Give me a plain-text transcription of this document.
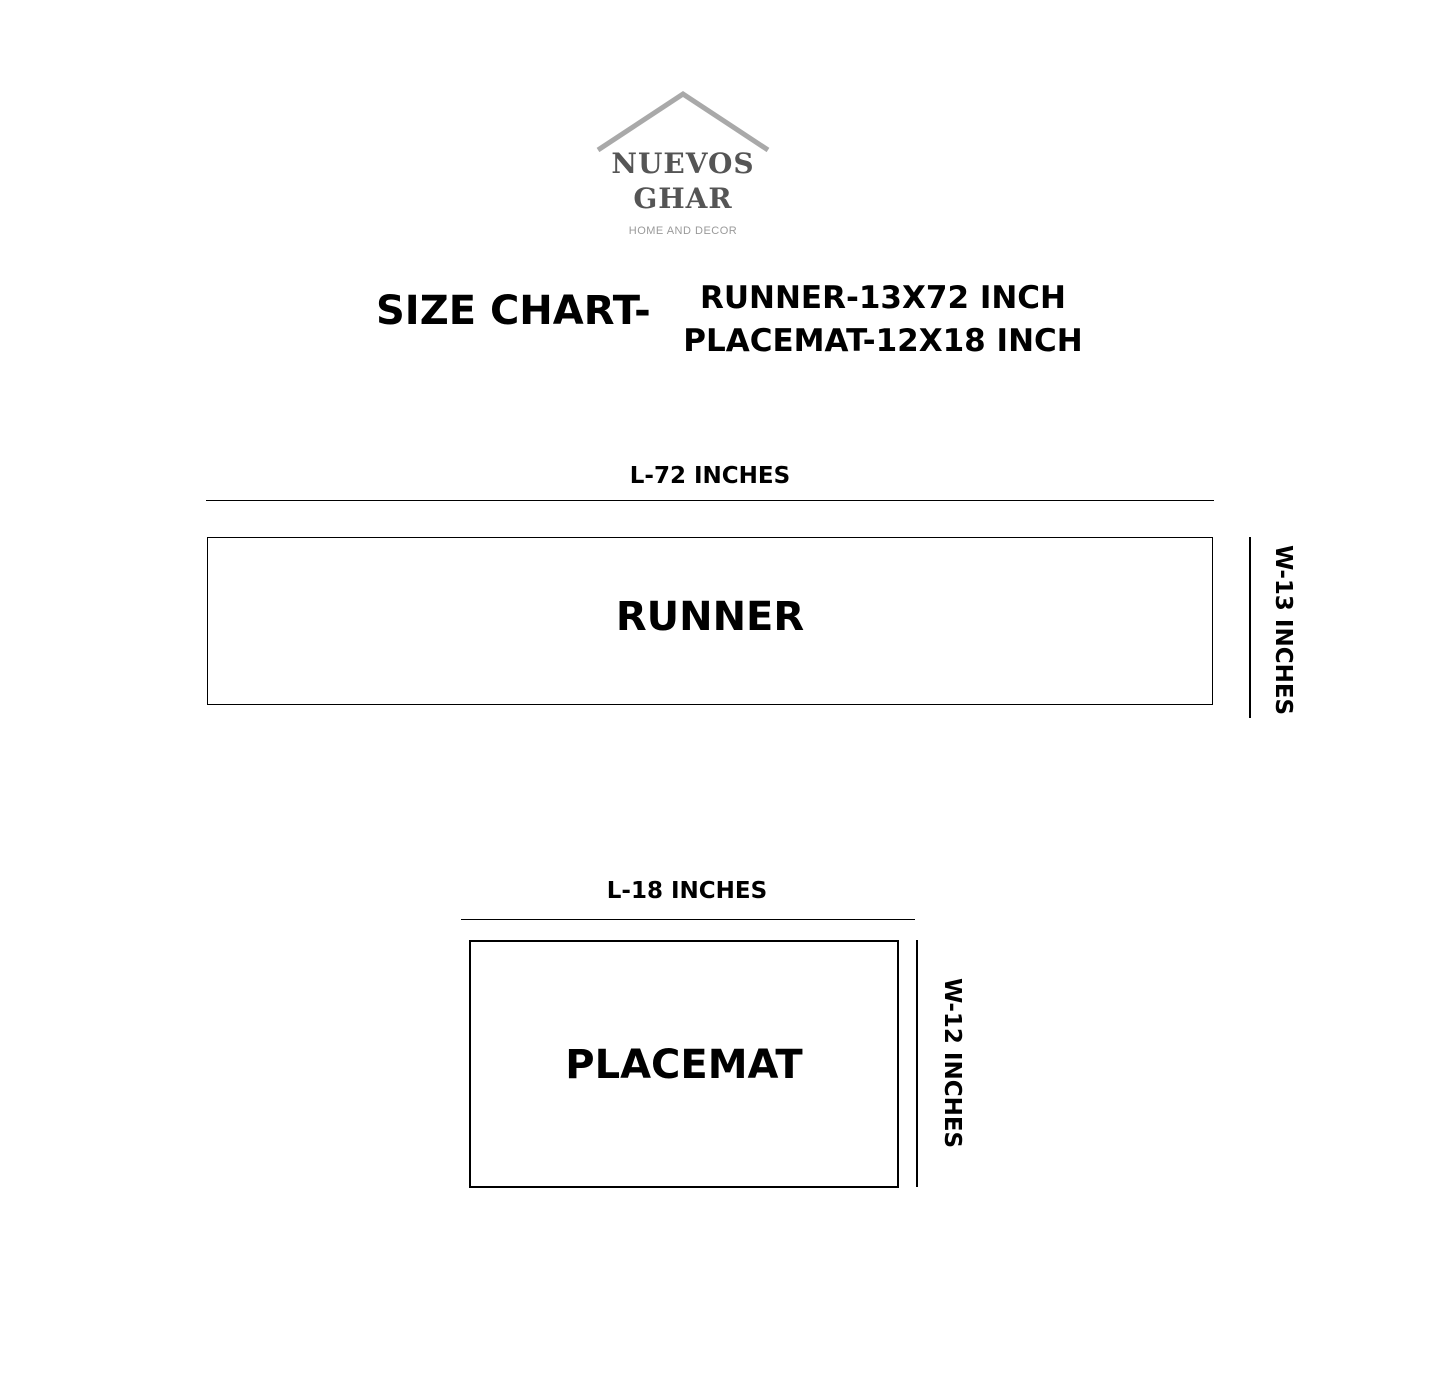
NUEVOS
GHAR
HOME AND DECOR
SIZE CHART-	RUNNER-13X72 INCH
PLACEMAT-12X18 INCH
L-72 INCHES
RUNNER	W-13 INCHES
L-18 INCHES
PLACEMAT	W-12 INCHES
